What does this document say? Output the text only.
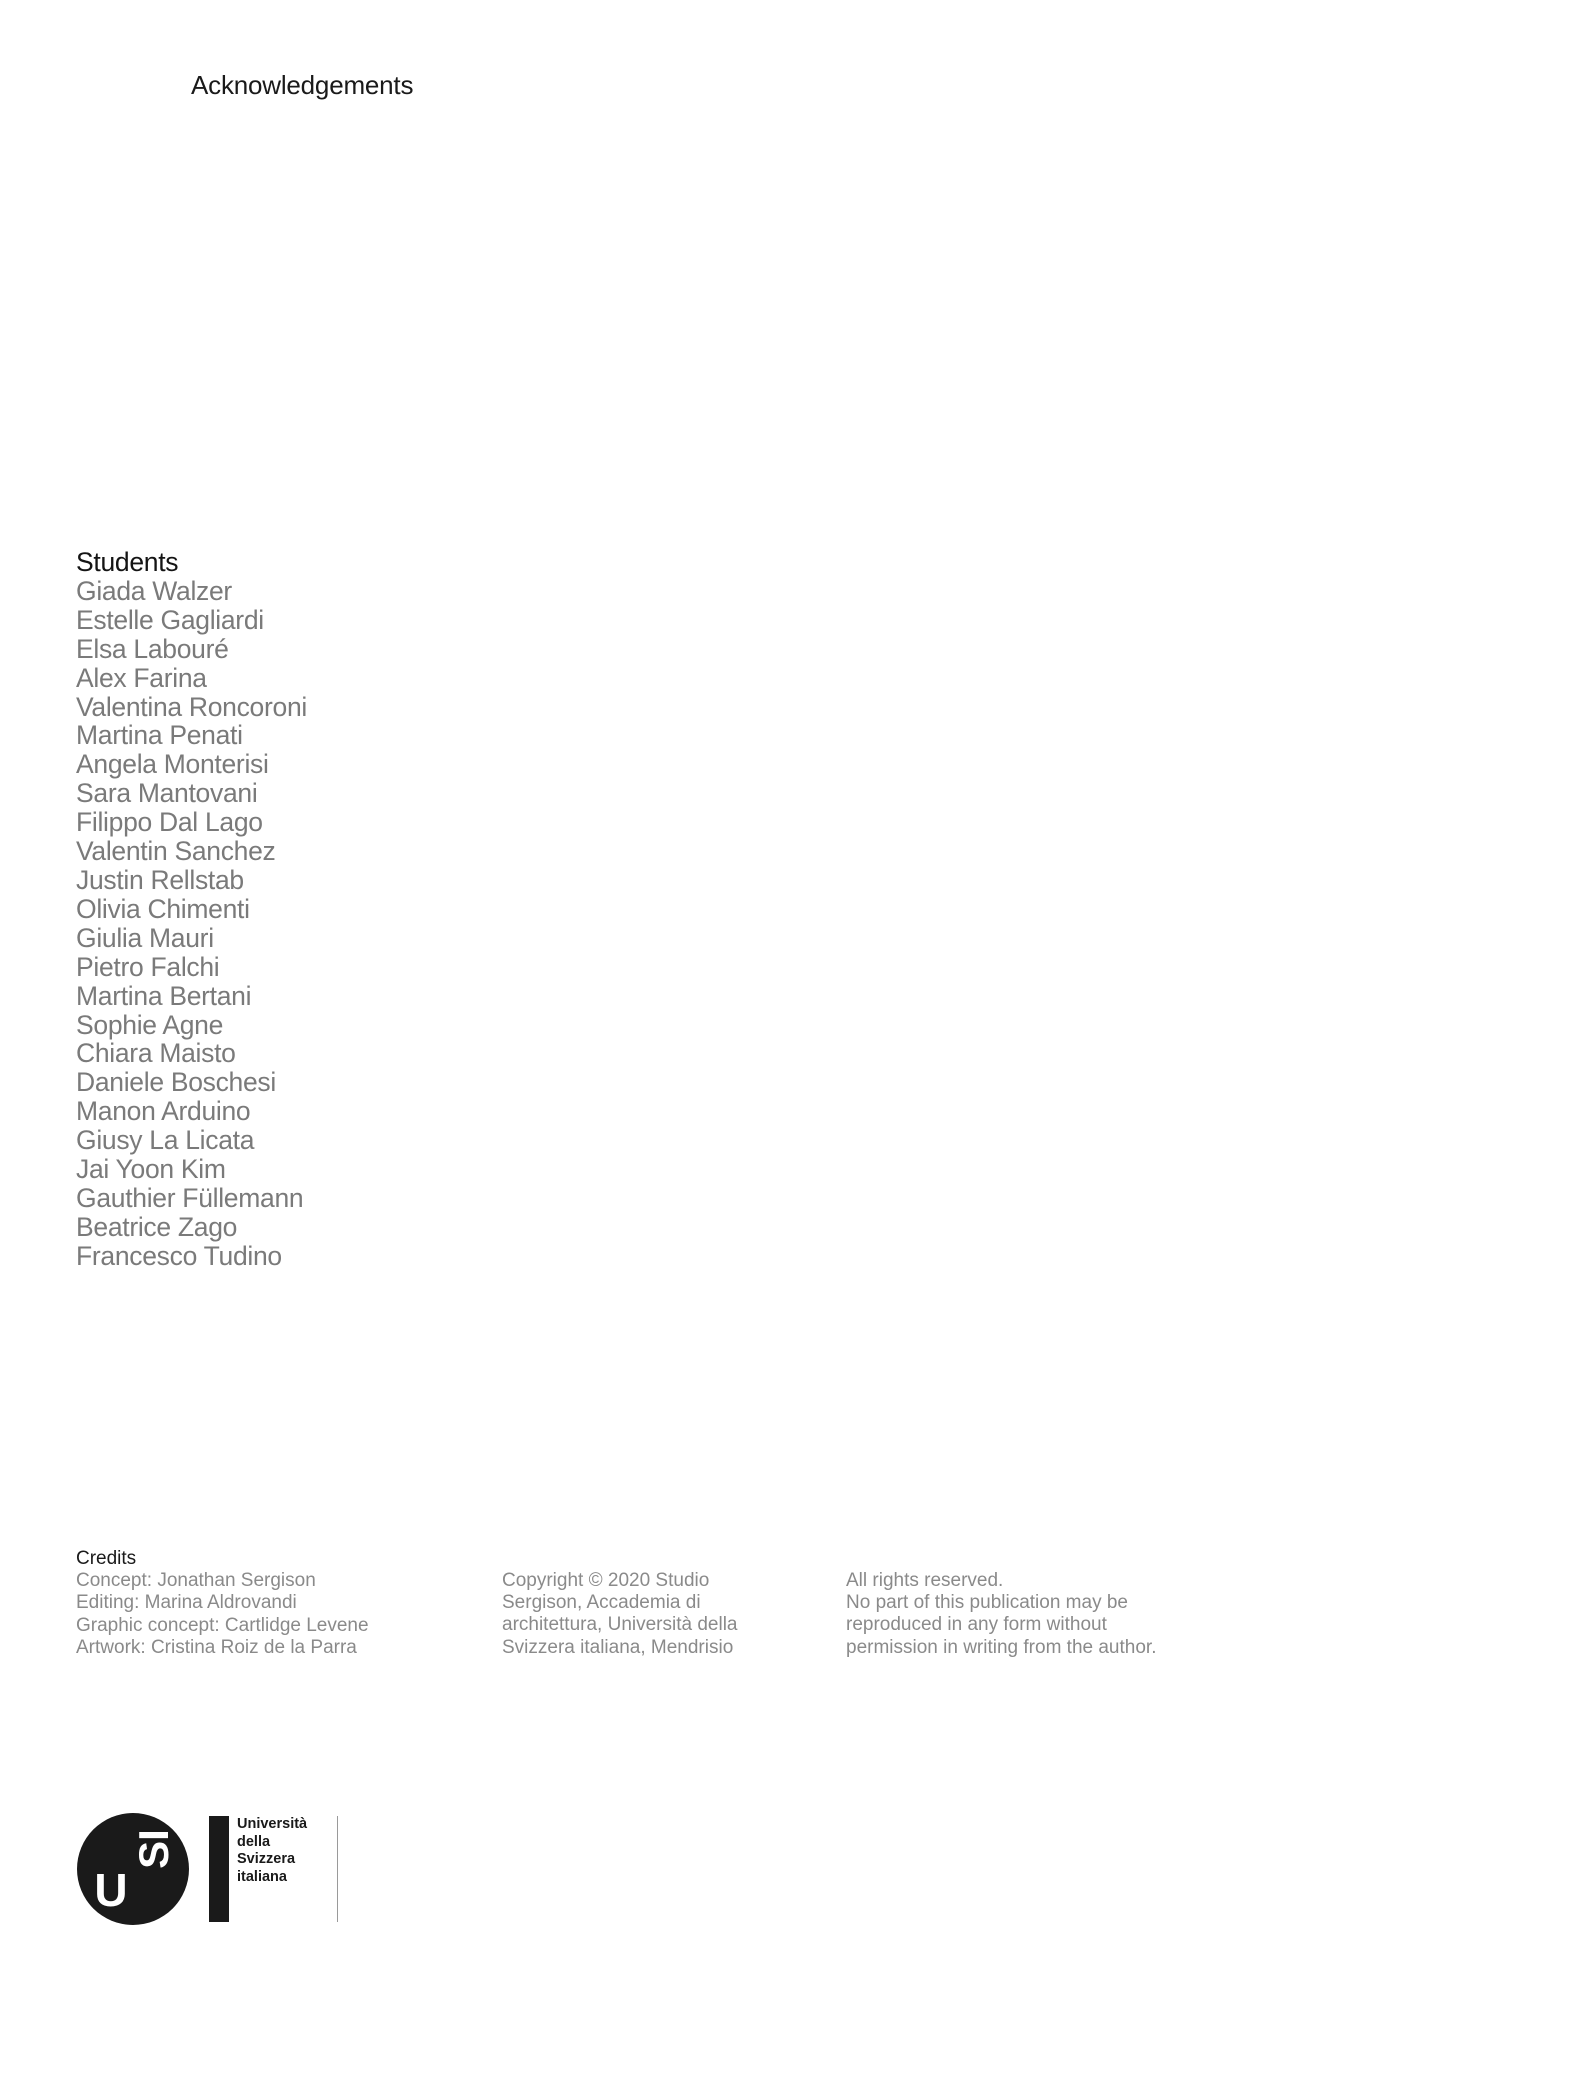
Acknowledgements
Students
Giada Walzer
Estelle Gagliardi
Elsa Labouré
Alex Farina
Valentina Roncoroni
Martina Penati
Angela Monterisi
Sara Mantovani
Filippo Dal Lago
Valentin Sanchez
Justin Rellstab
Olivia Chimenti
Giulia Mauri
Pietro Falchi
Martina Bertani
Sophie Agne
Chiara Maisto
Daniele Boschesi
Manon Arduino
Giusy La Licata
Jai Yoon Kim
Gauthier Füllemann
Beatrice Zago
Francesco Tudino
Credits
Concept: Jonathan Sergison
Editing: Marina Aldrovandi
Graphic concept: Cartlidge Levene
Artwork: Cristina Roiz de la Parra
Copyright © 2020 Studio
Sergison, Accademia di
architettura, Università della
Svizzera italiana, Mendrisio
All rights reserved.
No part of this publication may be
reproduced in any form without
permission in writing from the author.
U
SI
Università
della
Svizzera
italiana
